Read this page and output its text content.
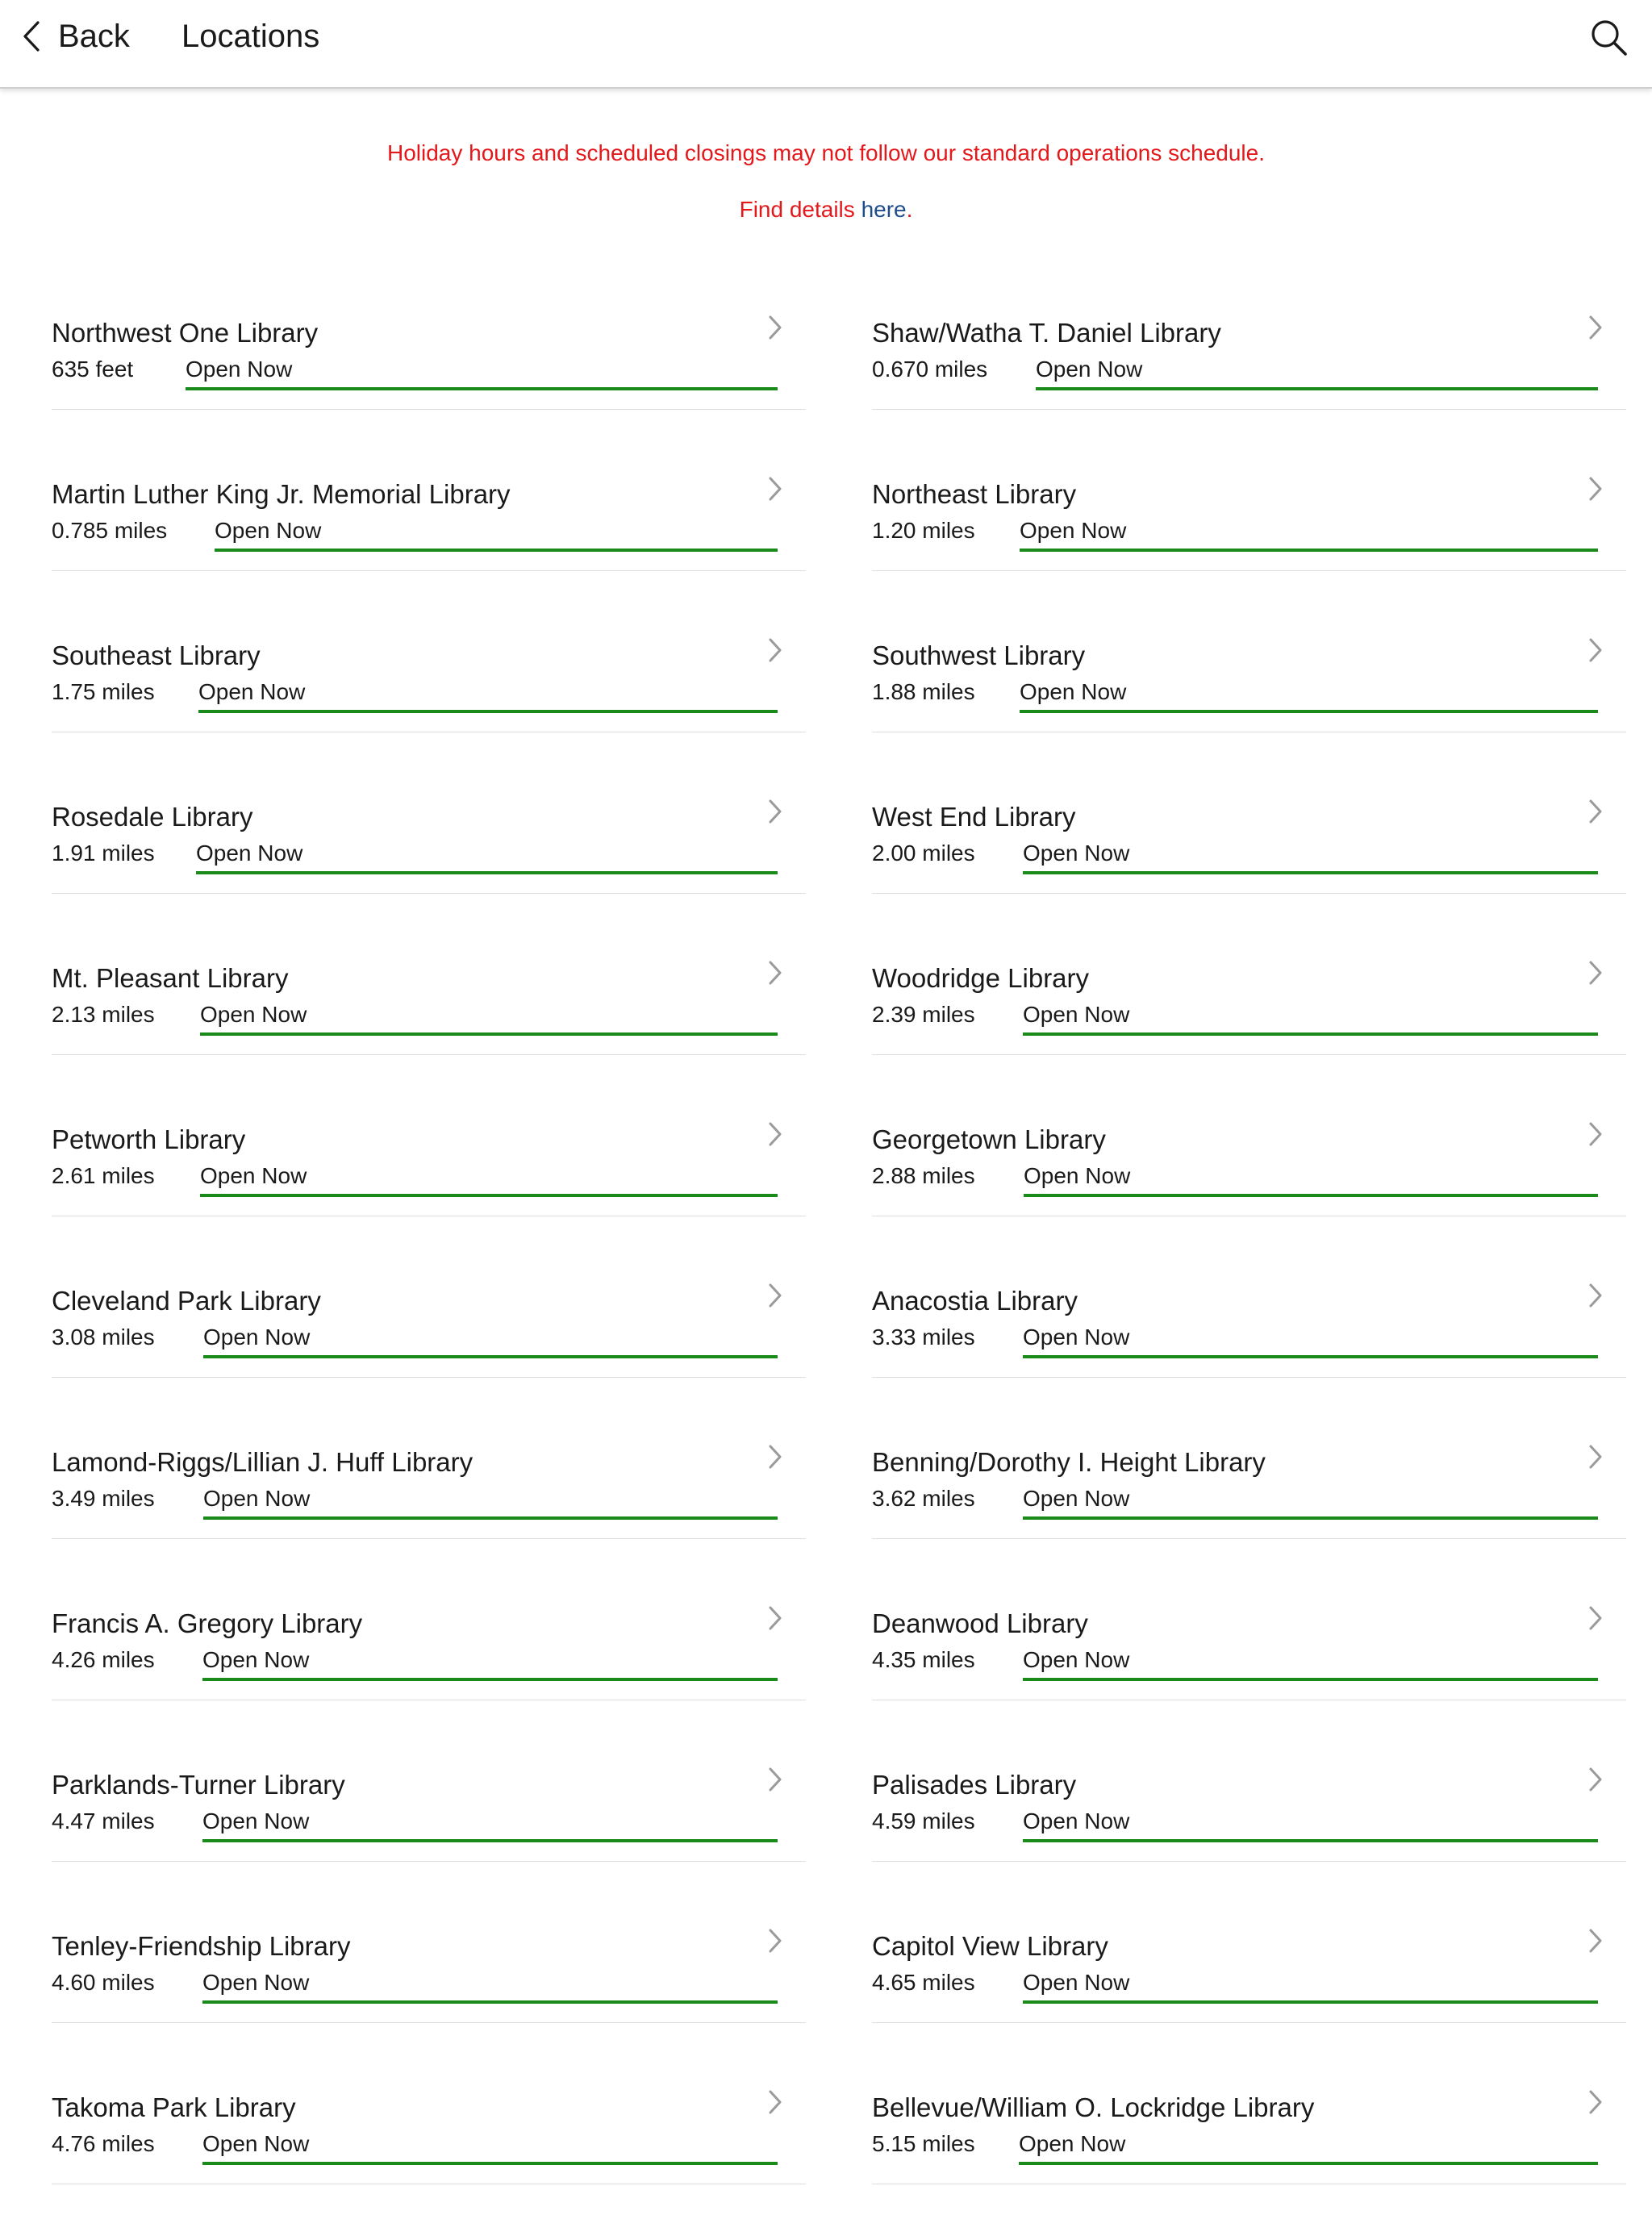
Back Locations
Holiday hours and scheduled closings may not follow our standard operations schedule.
Find details here.
Northwest One Library
635 feet Open Now
Shaw/Watha T. Daniel Library
0.670 miles Open Now
Martin Luther King Jr. Memorial Library
0.785 miles Open Now
Northeast Library
1.20 miles Open Now
Southeast Library
1.75 miles Open Now
Southwest Library
1.88 miles Open Now
Rosedale Library
1.91 miles Open Now
West End Library
2.00 miles Open Now
Mt. Pleasant Library
2.13 miles Open Now
Woodridge Library
2.39 miles Open Now
Petworth Library
2.61 miles Open Now
Georgetown Library
2.88 miles Open Now
Cleveland Park Library
3.08 miles Open Now
Anacostia Library
3.33 miles Open Now
Lamond-Riggs/Lillian J. Huff Library
3.49 miles Open Now
Benning/Dorothy I. Height Library
3.62 miles Open Now
Francis A. Gregory Library
4.26 miles Open Now
Deanwood Library
4.35 miles Open Now
Parklands-Turner Library
4.47 miles Open Now
Palisades Library
4.59 miles Open Now
Tenley-Friendship Library
4.60 miles Open Now
Capitol View Library
4.65 miles Open Now
Takoma Park Library
4.76 miles Open Now
Bellevue/William O. Lockridge Library
5.15 miles Open Now
